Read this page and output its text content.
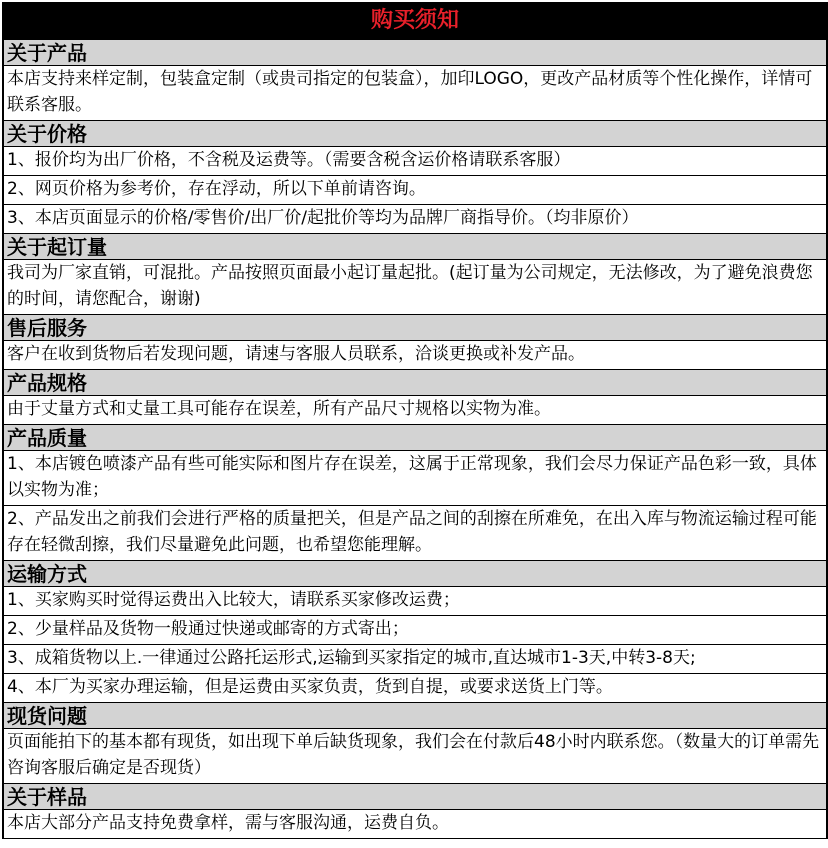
购买须知
关于产品
本店支持来样定制，包装盒定制（或贵司指定的包装盒），加印LOGO，更改产品材质等个性化操作，详情可联系客服。
关于价格
1、报价均为出厂价格，不含税及运费等。（需要含税含运价格请联系客服）
2、网页价格为参考价，存在浮动，所以下单前请咨询。
3、本店页面显示的价格/零售价/出厂价/起批价等均为品牌厂商指导价。（均非原价）
关于起订量
我司为厂家直销，可混批。产品按照页面最小起订量起批。(起订量为公司规定，无法修改，为了避免浪费您的时间，请您配合，谢谢)
售后服务
客户在收到货物后若发现问题，请速与客服人员联系，洽谈更换或补发产品。
产品规格
由于丈量方式和丈量工具可能存在误差，所有产品尺寸规格以实物为准。
产品质量
1、本店镀色喷漆产品有些可能实际和图片存在误差，这属于正常现象，我们会尽力保证产品色彩一致，具体以实物为准；
2、产品发出之前我们会进行严格的质量把关，但是产品之间的刮擦在所难免，在出入库与物流运输过程可能存在轻微刮擦，我们尽量避免此问题，也希望您能理解。
运输方式
1、买家购买时觉得运费出入比较大，请联系买家修改运费；
2、少量样品及货物一般通过快递或邮寄的方式寄出；
3、成箱货物以上.一律通过公路托运形式,运输到买家指定的城市,直达城市1-3天,中转3-8天;
4、本厂为买家办理运输，但是运费由买家负责，货到自提，或要求送货上门等。
现货问题
页面能拍下的基本都有现货，如出现下单后缺货现象，我们会在付款后48小时内联系您。（数量大的订单需先咨询客服后确定是否现货）
关于样品
本店大部分产品支持免费拿样，需与客服沟通，运费自负。
